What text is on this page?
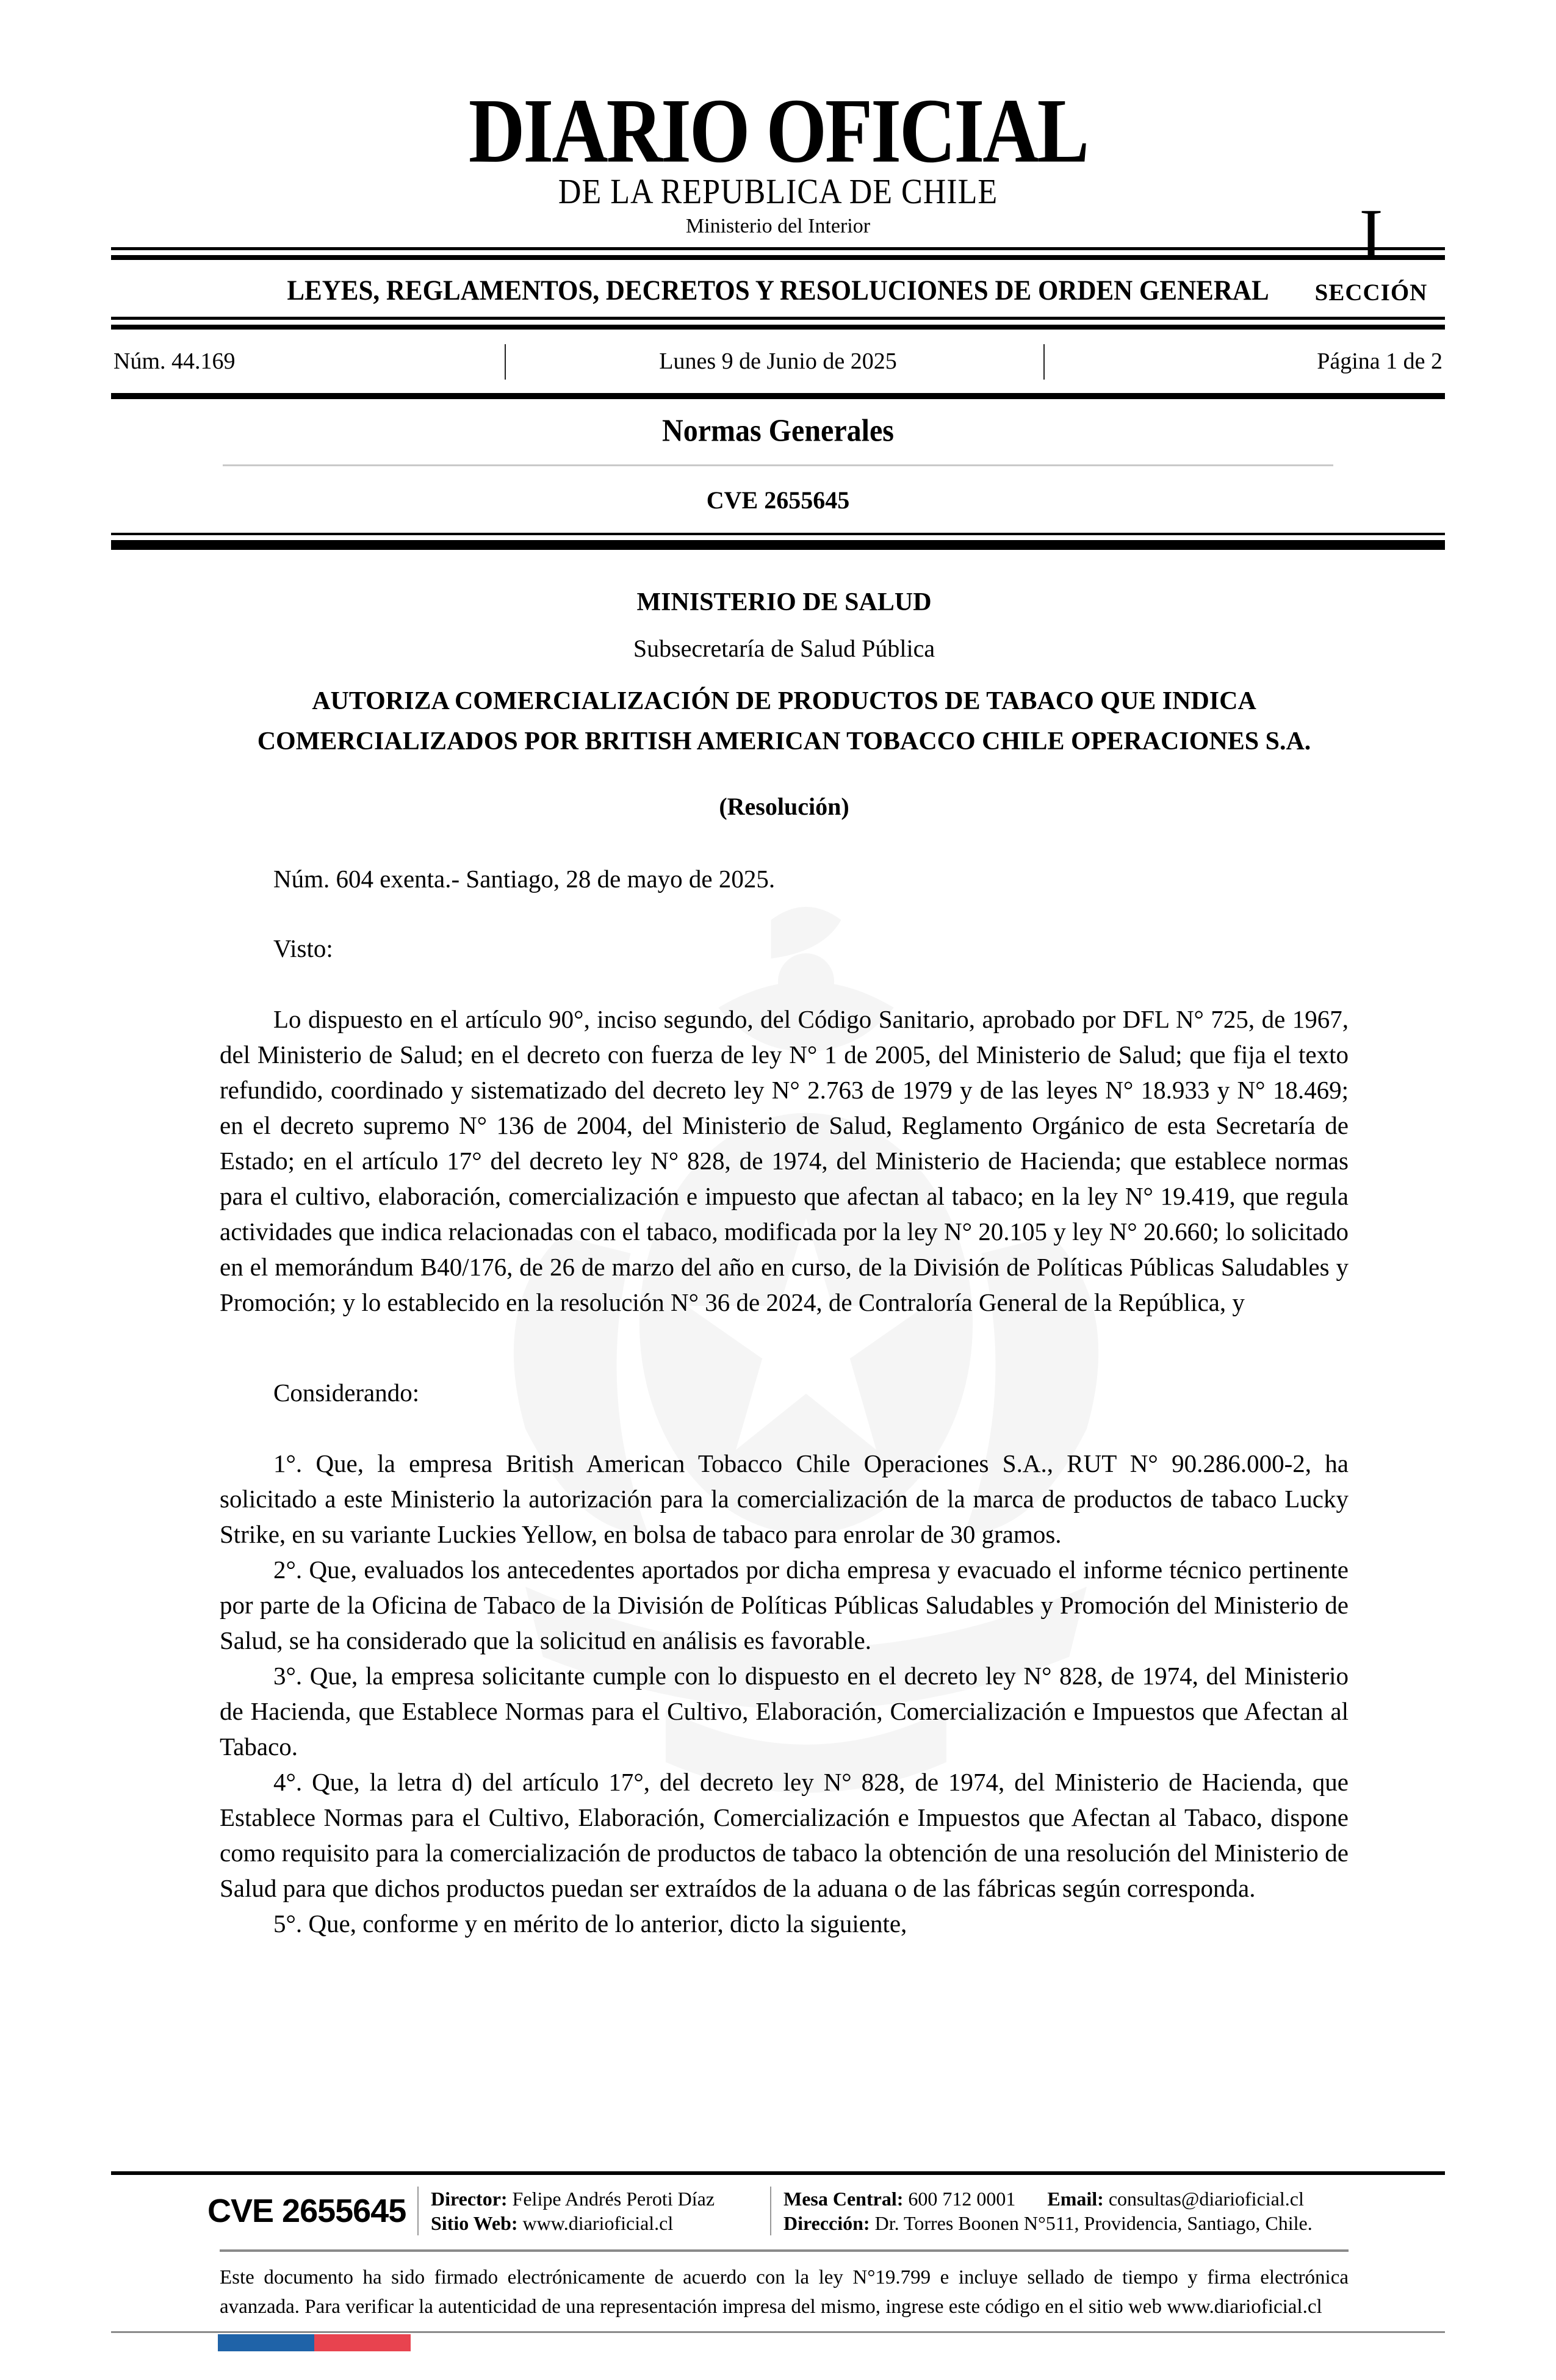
DIARIO OFICIAL
DE LA REPUBLICA DE CHILE
Ministerio del Interior	I
SECCIÓN
LEYES, REGLAMENTOS, DECRETOS Y RESOLUCIONES DE ORDEN GENERAL
Núm. 44.169	Lunes 9 de Junio de 2025	Página 1 de 2
Normas Generales
CVE 2655645
MINISTERIO DE SALUD
Subsecretaría de Salud Pública
AUTORIZA COMERCIALIZACIÓN DE PRODUCTOS DE TABACO QUE INDICA COMERCIALIZADOS POR BRITISH AMERICAN TOBACCO CHILE OPERACIONES S.A.
(Resolución)

Núm. 604 exenta.- Santiago, 28 de mayo de 2025.

Visto:

Lo dispuesto en el artículo 90°, inciso segundo, del Código Sanitario, aprobado por DFL N° 725, de 1967, del Ministerio de Salud; en el decreto con fuerza de ley N° 1 de 2005, del Ministerio de Salud; que fija el texto refundido, coordinado y sistematizado del decreto ley N° 2.763 de 1979 y de las leyes N° 18.933 y N° 18.469; en el decreto supremo N° 136 de 2004, del Ministerio de Salud, Reglamento Orgánico de esta Secretaría de Estado; en el artículo 17° del decreto ley N° 828, de 1974, del Ministerio de Hacienda; que establece normas para el cultivo, elaboración, comercialización e impuesto que afectan al tabaco; en la ley N° 19.419, que regula actividades que indica relacionadas con el tabaco, modificada por la ley N° 20.105 y ley N° 20.660; lo solicitado en el memorándum B40/176, de 26 de marzo del año en curso, de la División de Políticas Públicas Saludables y Promoción; y lo establecido en la resolución N° 36 de 2024, de Contraloría General de la República, y

Considerando:

1°. Que, la empresa British American Tobacco Chile Operaciones S.A., RUT N° 90.286.000-2, ha solicitado a este Ministerio la autorización para la comercialización de la marca de productos de tabaco Lucky Strike, en su variante Luckies Yellow, en bolsa de tabaco para enrolar de 30 gramos.

2°. Que, evaluados los antecedentes aportados por dicha empresa y evacuado el informe técnico pertinente por parte de la Oficina de Tabaco de la División de Políticas Públicas Saludables y Promoción del Ministerio de Salud, se ha considerado que la solicitud en análisis es favorable.

3°. Que, la empresa solicitante cumple con lo dispuesto en el decreto ley N° 828, de 1974, del Ministerio de Hacienda, que Establece Normas para el Cultivo, Elaboración, Comercialización e Impuestos que Afectan al Tabaco.

4°. Que, la letra d) del artículo 17°, del decreto ley N° 828, de 1974, del Ministerio de Hacienda, que Establece Normas para el Cultivo, Elaboración, Comercialización e Impuestos que Afectan al Tabaco, dispone como requisito para la comercialización de productos de tabaco la obtención de una resolución del Ministerio de Salud para que dichos productos puedan ser extraídos de la aduana o de las fábricas según corresponda.

5°. Que, conforme y en mérito de lo anterior, dicto la siguiente,

CVE 2655645	Director: Felipe Andrés Peroti Díaz
Sitio Web: www.diarioficial.cl
Mesa Central: 600 712 0001 Email: consultas@diarioficial.cl
Dirección: Dr. Torres Boonen N°511, Providencia, Santiago, Chile.

Este documento ha sido firmado electrónicamente de acuerdo con la ley N°19.799 e incluye sellado de tiempo y firma electrónica avanzada. Para verificar la autenticidad de una representación impresa del mismo, ingrese este código en el sitio web www.diarioficial.cl
